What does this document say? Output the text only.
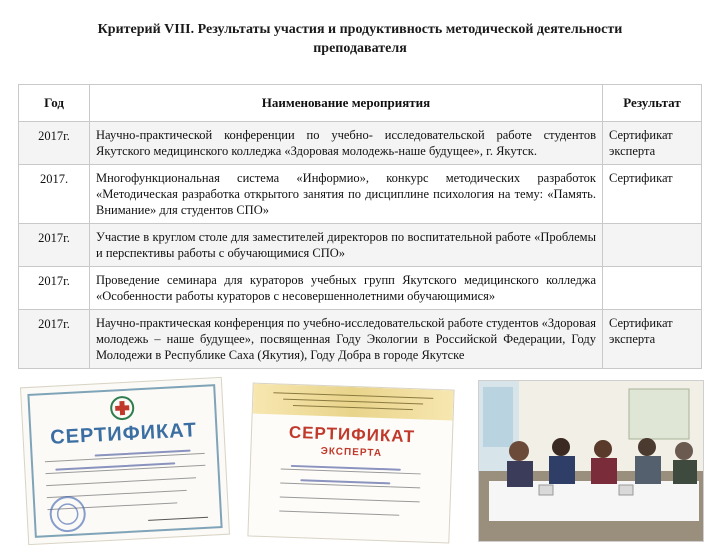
Критерий VIII. Результаты участия и продуктивность методической деятельности
преподавателя
Год	Наименование мероприятия	Результат
2017г.	Научно-практической конференции по учебно- исследовательской работе студентов Якутского медицинского колледжа «Здоровая молодежь-наше будущее», г. Якутск.	Сертификат эксперта
2017.	Многофункциональная система «Информио», конкурс методических разработок «Методическая разработка открытого занятия по дисциплине психология на тему: «Память. Внимание» для студентов СПО»	Сертификат
2017г.	Участие в круглом столе для заместителей директоров по воспитательной работе «Проблемы и перспективы работы с обучающимися СПО»	
2017г.	Проведение семинара для кураторов учебных групп Якутского медицинского колледжа «Особенности работы кураторов с несовершеннолетними обучающимися»	
2017г.	Научно-практическая конференция по учебно-исследовательской работе студентов «Здоровая молодежь – наше будущее», посвященная Году Экологии в Российской Федерации, Году Молодежи в Республике Саха (Якутия), Году Добра в городе Якутске	Сертификат эксперта
СЕРТИФИКАТ	СЕРТИФИКАТ
ЭКСПЕРТА
